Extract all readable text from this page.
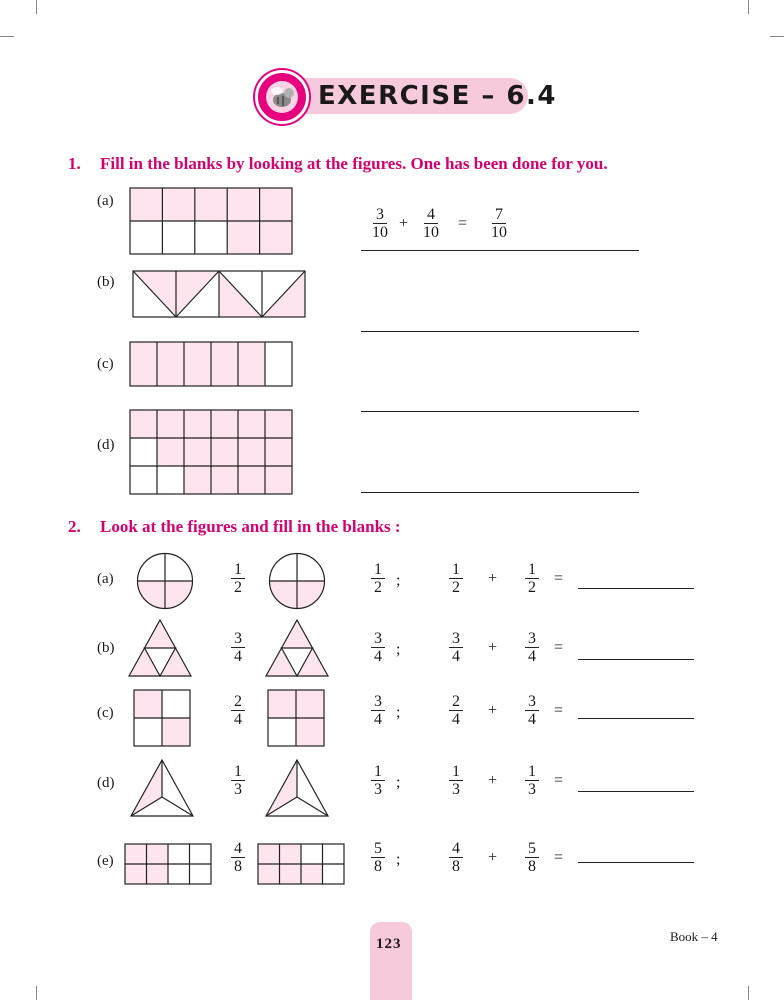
EXERCISE – 6.4
1. Fill in the blanks by looking at the figures. One has been done for you.
(a)
(b)
(c)
(d)
$\frac{3}{10} + \frac{4}{10} = \frac{7}{10}$
2. Look at the figures and fill in the blanks :
(a)
(b)
(c)
(d)
(e)
$\frac{1}{2}$
$\frac{3}{4}$
$\frac{2}{4}$
$\frac{1}{3}$
$\frac{4}{8}$
$\frac{1}{2}$
$\frac{3}{4}$
$\frac{3}{4}$
$\frac{1}{3}$
$\frac{5}{8}$
;
;
;
;
;
$\frac{1}{2}$
$\frac{3}{4}$
$\frac{2}{4}$
$\frac{1}{3}$
$\frac{4}{8}$
+
+
+
+
+
$\frac{1}{2}$
$\frac{3}{4}$
$\frac{3}{4}$
$\frac{1}{3}$
$\frac{5}{8}$
=
=
=
=
=
123	Book – 4
